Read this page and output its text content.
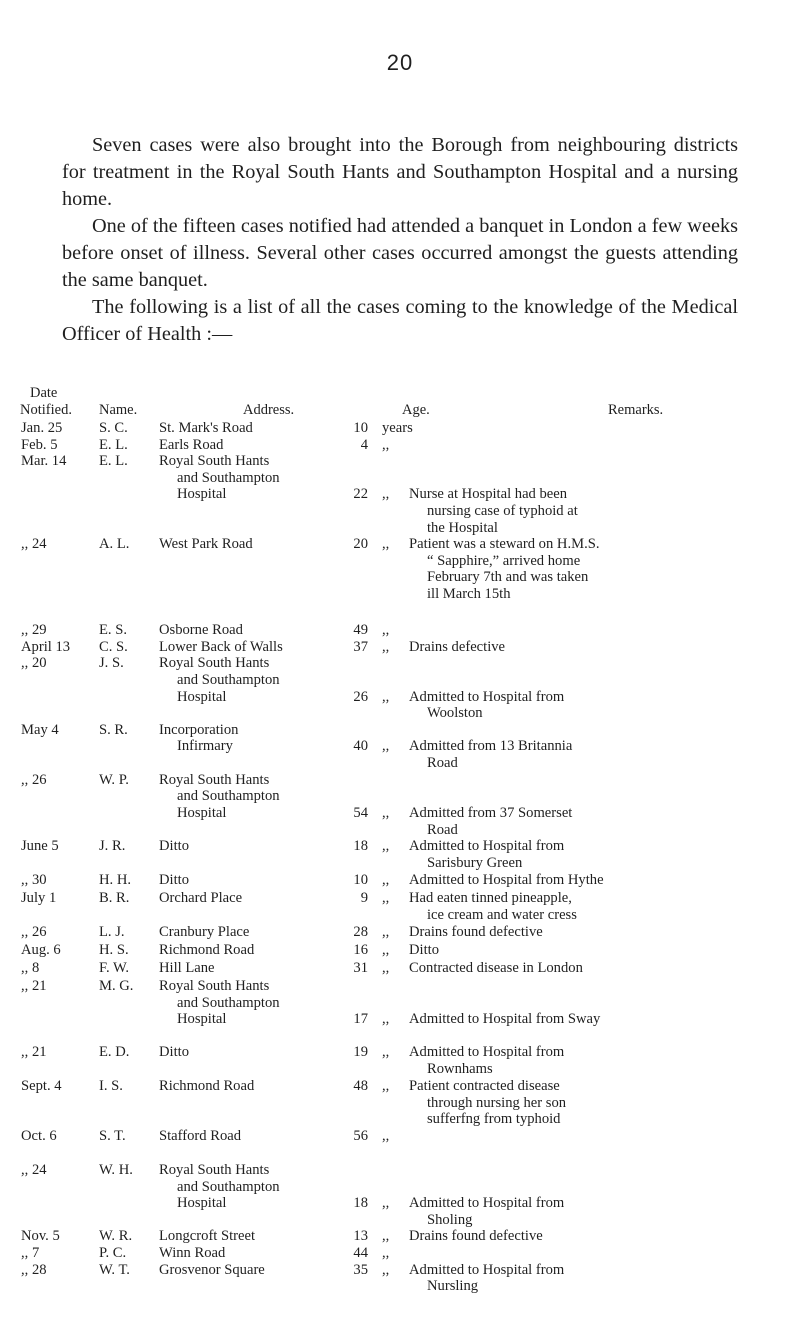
20

Seven cases were also brought into the Borough from neighbouring districts for treatment in the Royal South Hants and Southampton Hospital and a nursing home.

One of the fifteen cases notified had attended a banquet in London a few weeks before onset of illness. Several other cases occurred amongst the guests attending the same banquet.

The following is a list of all the cases coming to the knowledge of the Medical Officer of Health :—

Date
Notified. Name.	Address.	Age.	Remarks.
Jan. 25	S. C.	St. Mark's Road	10	years	

Feb. 5	E. L.	Earls Road	4	,,	

Mar. 14	E. L.	Royal South Hants
and Southampton
Hospital	22	,,	Nurse at Hospital had been
nursing case of typhoid at
the Hospital

,, 24	A. L.	West Park Road	20	,,	Patient was a steward on H.M.S.
“ Sapphire,” arrived home
February 7th and was taken
ill March 15th

,, 29	E. S.	Osborne Road	49	,,	

April 13	C. S.	Lower Back of Walls	37	,,	Drains defective

,, 20	J. S.	Royal South Hants
and Southampton
Hospital	26	,,	Admitted to Hospital from
Woolston

May 4	S. R.	Incorporation
Infirmary	40	,,	Admitted from 13 Britannia
Road

,, 26	W. P.	Royal South Hants
and Southampton
Hospital	54	,,	Admitted from 37 Somerset
Road

June 5	J. R.	Ditto	18	,,	Admitted to Hospital from
Sarisbury Green

,, 30	H. H.	Ditto	10	,,	Admitted to Hospital from Hythe

July 1	B. R.	Orchard Place	9	,,	Had eaten tinned pineapple,
ice cream and water cress

,, 26	L. J.	Cranbury Place	28	,,	Drains found defective

Aug. 6	H. S.	Richmond Road	16	,,	Ditto

,, 8	F. W.	Hill Lane	31	,,	Contracted disease in London

,, 21	M. G.	Royal South Hants
and Southampton
Hospital	17	,,	Admitted to Hospital from Sway

,, 21	E. D.	Ditto	19	,,	Admitted to Hospital from
Rownhams

Sept. 4	I. S.	Richmond Road	48	,,	Patient contracted disease
through nursing her son
sufferfng from typhoid

Oct. 6	S. T.	Stafford Road	56	,,	

,, 24	W. H.	Royal South Hants
and Southampton
Hospital	18	,,	Admitted to Hospital from
Sholing

Nov. 5	W. R.	Longcroft Street	13	,,	Drains found defective

,, 7	P. C.	Winn Road	44	,,	

,, 28	W. T.	Grosvenor Square	35	,,	Admitted to Hospital from
Nursling
